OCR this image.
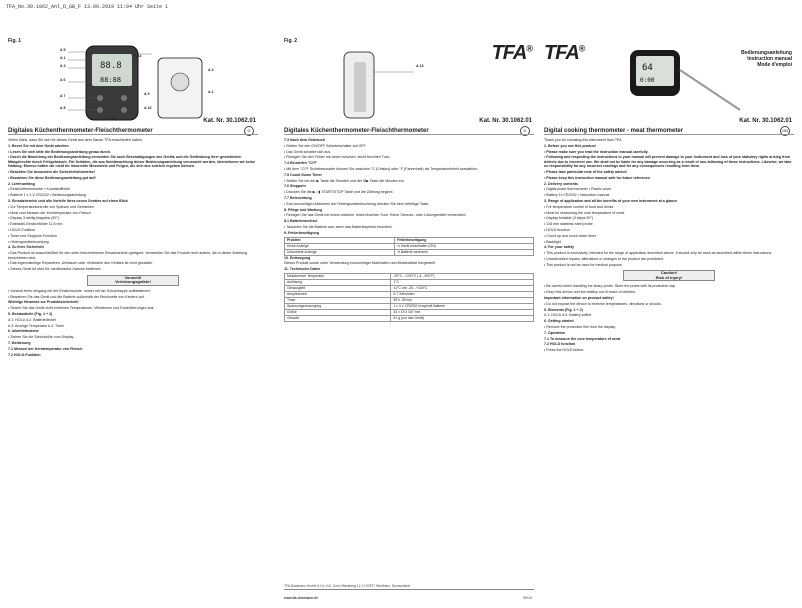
TFA_No.30.1062_Anl_D_GB_F 13.09.2019 11:04 Uhr Seite 1
Fig. 1
88.8
88:88
A 5
A 1
A 3
A 6
A 7
A 8
A 9
A 10
A 11
A 12
A 4
A 2
Kat. Nr. 30.1062.01
Digitales Küchenthermometer-Fleischthermometer	D

Vielen Dank, dass Sie sich für dieses Gerät aus dem Hause TFA entschieden haben.

1. Bevor Sie mit dem Gerät arbeiten

• Lesen Sie sich bitte die Bedienungsanleitung genau durch.

• Durch die Beachtung der Bedienungsanleitung vermeiden Sie auch Beschädigungen des Geräts und die Gefährdung Ihrer gesetzlichen Mängelrechte durch Fehlgebrauch. Für Schäden, die aus Nichtbeachtung dieser Bedienungsanleitung verursacht werden, übernehmen wir keine Haftung. Ebenso haften wir nicht für inkorrekte Messwerte und Folgen, die sich aus solchen ergeben können.

• Beachten Sie besonders die Sicherheitshinweise!

• Bewahren Sie diese Bedienungsanleitung gut auf!

2. Lieferumfang

• Einstichthermometer • Kunststoffhülle

• Batterie 1 x 3 V CR2032 • Bedienungsanleitung

3. Einsatzbereich und alle Vorteile Ihres neuen Gerätes auf einen Blick

• Zur Temperaturkontrolle von Speisen und Getränken

• Ideal zum Messen der Kerntemperatur von Fleisch

• Display 3-stellig klappbar (90°)

• Edelstahl-Einstichfühler 11,8 mm

• HOLD-Funktion

• Timer und Stoppuhr-Funktion

• Hintergrundbeleuchtung

4. Zu Ihrer Sicherheit

• Das Produkt ist ausschließlich für den oben beschriebenen Einsatzbereich geeignet. Verwenden Sie das Produkt nicht anders, als in dieser Anleitung beschrieben wird.

• Das eigenmächtige Reparieren, Umbauen oder Verändern des Gerätes ist nicht gestattet.

• Dieses Gerät ist nicht für medizinische Zwecke bestimmt.

Vorsicht!
Verletzungsgefahr!

• Vorsicht beim Umgang mit der Einstichsonde. Immer mit der Schutzkappe aufbewahren!

• Bewahren Sie das Gerät und die Batterie außerhalb der Reichweite von Kindern auf.

Wichtige Hinweise zur Produktsicherheit!

• Setzen Sie das Gerät nicht extremen Temperaturen, Vibrationen und Erschütterungen aus.

5. Bestandteile (Fig. 1 + 2)

A 1: HOLD A 2: Batteriedeckel

A 3: Anzeige Temperatur A 4: Timer

6. Inbetriebnahme

• Ziehen Sie die Schutzhülle vom Display.

7. Bedienung

7.1 Messen der Kerntemperatur von Fleisch

7.2 HOLD-Funktion

Fig. 2
TFA®
A 13
Kat. Nr. 30.1062.01
Digitales Küchenthermometer-Fleischthermometer	D

7.3 Nach dem Gebrauch

• Stellen Sie den ON/OFF Schiebeschalter auf OFF.

• Das Gerät schaltet sich aus.

• Reinigen Sie den Fühler mit einem weichen, leicht feuchten Tuch.

7.4 Einstellen °C/°F

• Mit dem °C/°F Schiebeschalter können Sie zwischen °C (Celsius) oder °F (Fahrenheit) als Temperatureinheit auswählen.

7.5 Count Down Timer

• Stellen Sie mit der ▶ Taste die Stunden und der M▶ Taste die Minuten ein.

7.6 Stoppuhr

• Drücken Sie die ▶ / ▮ START/STOP Taste und die Zählung beginnt.

7.7 Beleuchtung

• Zum kurzzeitigen Aktivieren der Hintergrundbeleuchtung drücken Sie eine beliebige Taste.

8. Pflege und Wartung

• Reinigen Sie das Gerät mit einem weichen, leicht feuchten Tuch. Keine Scheuer- oder Lösungsmittel verwenden!

8.1 Batteriewechsel

• Tauschen Sie die Batterie aus, wenn das Batteriesymbol erscheint.

9. Fehlerbeseitigung

Problem	Fehlerbeseitigung
Keine Anzeige	➜ Gerät einschalten (ON)
Unkorrekte Anzeige	➜ Batterie wechseln

10. Entsorgung

Dieses Produkt wurde unter Verwendung hochwertiger Materialien und Bestandteile hergestellt.

11. Technische Daten

Messbereich Temperatur	-20°C...+200°C (-4...392°F)
Auflösung	1°C
Genauigkeit	±1°C von -20...+100°C
Ansprechzeit	6-7 Sekunden
Timer	99 h, 59 min
Spannungsversorgung	1 x 3 V CR2032 Knopfzell-Batterie
Größe	43 x 19 x 167 mm
Gewicht	51 g (nur das Gerät)
TFA Dostmann GmbH & Co. KG, Zum Ottersberg 12, D-97877 Wertheim, Deutschland
www.tfa-dostmann.de	09/19
TFA®	Bedienungsanleitung
Instruction manual
Mode d'emploi
64
0:00
Kat. Nr. 30.1062.01
Digital cooking thermometer - meat thermometer	GB

Thank you for choosing this instrument from TFA.

1. Before you use this product

• Please make sure you read the instruction manual carefully.

• Following and respecting the instructions in your manual will prevent damage to your instrument and loss of your statutory rights arising from defects due to incorrect use. We shall not be liable for any damage occurring as a result of non-following of these instructions. Likewise, we take no responsibility for any incorrect readings and for any consequences resulting from them.

• Please take particular note of the safety advice!

• Please keep this instruction manual safe for future reference.

2. Delivery contents

• Digital probe thermometer • Plastic cover

• Battery 1x CR2032 • Instruction manual

3. Range of application and all the benefits of your new instrument at a glance

• For temperature control of food and drinks

• Ideal for measuring the core temperature of meat

• Display foldable (3 steps 90°)

• 118 mm stainless steel probe

• HOLD function

• Count up and count down timer

• Backlight

4. For your safety

• This product is exclusively intended for the range of application described above. It should only be used as described within these instructions.

• Unauthorised repairs, alterations or changes to the product are prohibited.

• This product is not be used for medical purpose.

Caution!
Risk of injury!

• Be careful when handling the sharp probe. Store the probe with its protective cap.

• Keep this device and the battery out of reach of children.

Important information on product safety!

• Do not expose the device to extreme temperatures, vibrations or shocks.

5. Elements (Fig. 1 + 2)

A 1: HOLD A 2: Battery softlid

6. Getting started

• Remove the protective film from the display.

7. Operation

7.1 To measure the core temperature of meat

7.2 HOLD function

• Press the HOLD button.
